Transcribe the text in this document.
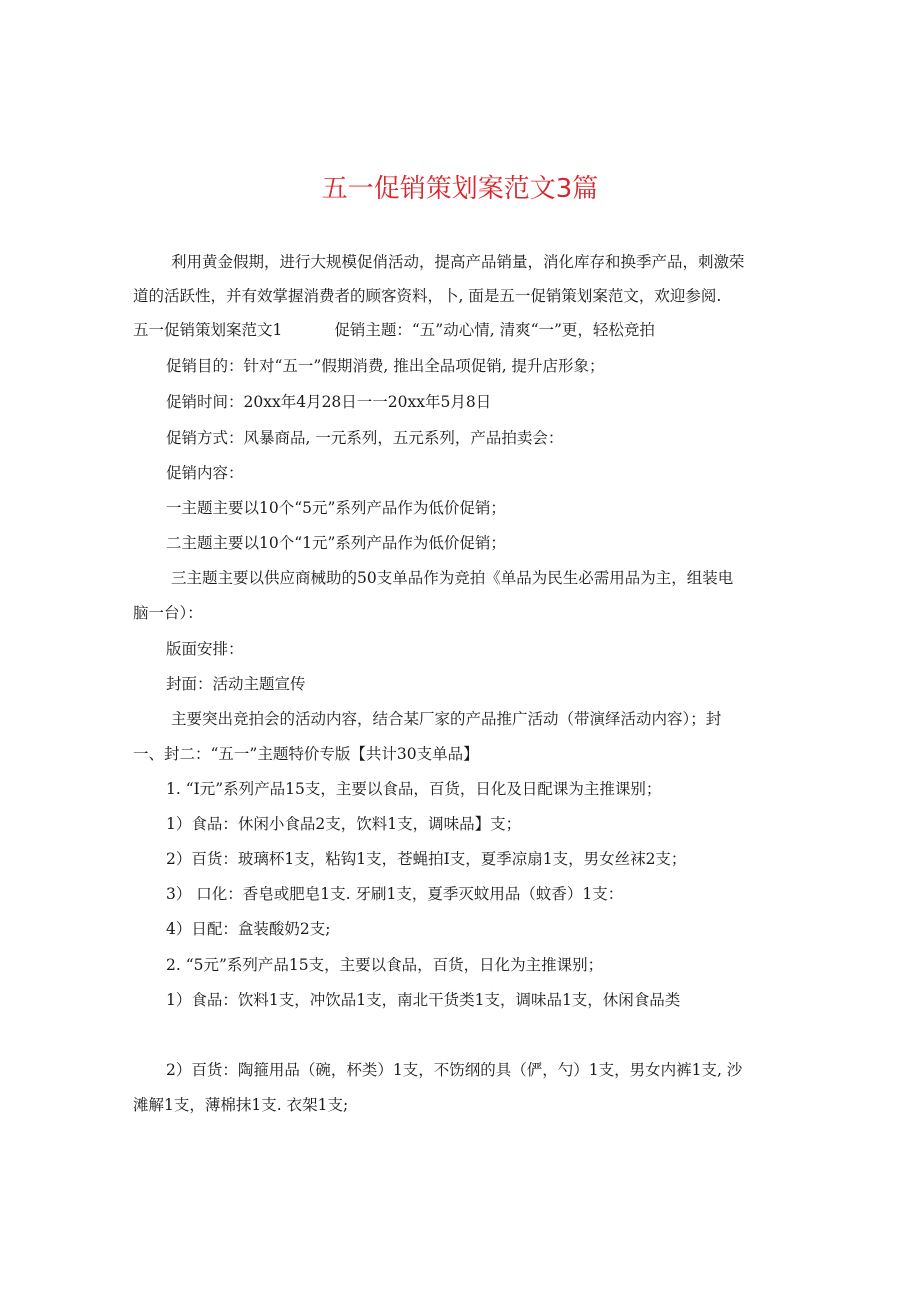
五一促销策划案范文3篇
利用黄金假期，进行大规模促俏活动，提高产品销量，消化库存和换季产品，刺激荣
道的活跃性，并有效掌握消费者的顾客资料，卜, 面是五一促销策划案范文，欢迎参阅.
五一促销策划案范文1	促销主题：“五”动心情, 清爽“一”更，轻松竞拍
促销目的：针对“五一”假期消费, 推出全品项促销, 提升店形象；
促销时间：20xx年4月28日一一20xx年5月8日
促销方式：风暴商品, 一元系列，五元系列，产品拍卖会：
促销内容：
一主题主要以10个“5元”系列产品作为低价促销；
二主题主要以10个“1元”系列产品作为低价促销；
三主题主要以供应商械助的50支单品作为竞拍《单品为民生必需用品为主，组装电
脑一台）：
版面安排：
封面：活动主题宣传
主要突出竞拍会的活动内容，结合某厂家的产品推广活动（带演绎活动内容）；封
一、封二：“五一”主题特价专版【共计30支单品】
1. “I元”系列产品15支，主要以食品，百货，日化及日配课为主推课别；
1）食品：休闲小食品2支，饮料1支，调味品】支；
2）百货：玻璃杯1支，粘钩1支，苍蝇拍I支，夏季凉扇1支，男女丝袜2支；
3） 口化：香皂或肥皂1支. 牙刷1支，夏季灭蚊用品（蚊香）1支：
4）日配：盒装酸奶2支;
2. “5元”系列产品15支，主要以食品，百货，日化为主推课别；
1）食品：饮料1支，冲饮品1支，南北干货类1支，调味品1支，休闲食品类
2）百货：陶箍用品（碗，杯类）1支，不饬纲的具（俨，勺）1支，男女内裤1支, 沙
滩解1支，薄棉抹1支. 衣架1支;
